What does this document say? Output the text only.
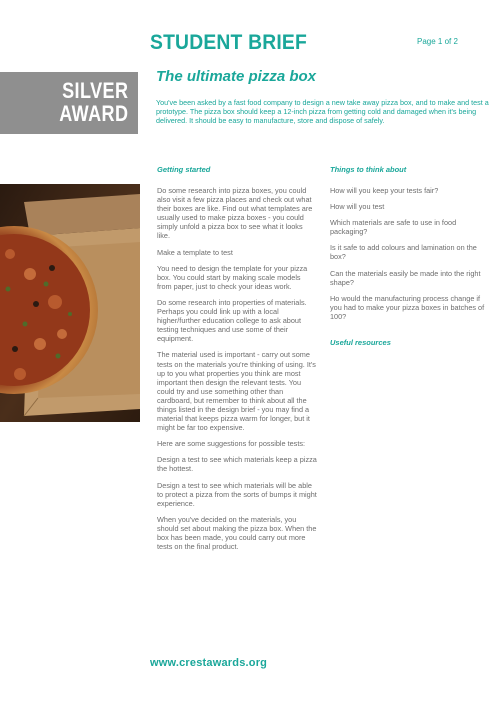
STUDENT BRIEF	Page 1 of 2
SILVER
AWARD
The ultimate pizza box
You've been asked by a fast food company to design a new take away pizza box, and to make and test a prototype. The pizza box should keep a 12-inch pizza from getting cold and damaged when it's being delivered. It should be easy to manufacture, store and dispose of safely.
Getting started
Do some research into pizza boxes, you could also visit a few pizza places and check out what their boxes are like. Find out what templates are usually used to make pizza boxes - you could simply unfold a pizza box to see what it looks like.
Make a template to test
You need to design the template for your pizza box. You could start by making scale models from paper, just to check your ideas work.
Do some research into properties of materials. Perhaps you could link up with a local higher/further education college to ask about testing techniques and use some of their equipment.
The material used is important - carry out some tests on the materials you're thinking of using. It's up to you what properties you think are most important then design the relevant tests. You could try and use something other than cardboard, but remember to think about all the things listed in the design brief - you may find a material that keeps pizza warm for longer, but it might be far too expensive.
Here are some suggestions for possible tests:
Design a test to see which materials keep a pizza the hottest.
Design a test to see which materials will be able to protect a pizza from the sorts of bumps it might experience.
When you've decided on the materials, you should set about making the pizza box. When the box has been made, you could carry out more tests on the final product.
Things to think about
How will you keep your tests fair?
How will you test
Which materials are safe to use in food packaging?
Is it safe to add colours and lamination on the box?
Can the materials easily be made into the right shape?
Ho would the manufacturing process change if you had to make your pizza boxes in batches of 100?
Useful resources
www.crestawards.org
